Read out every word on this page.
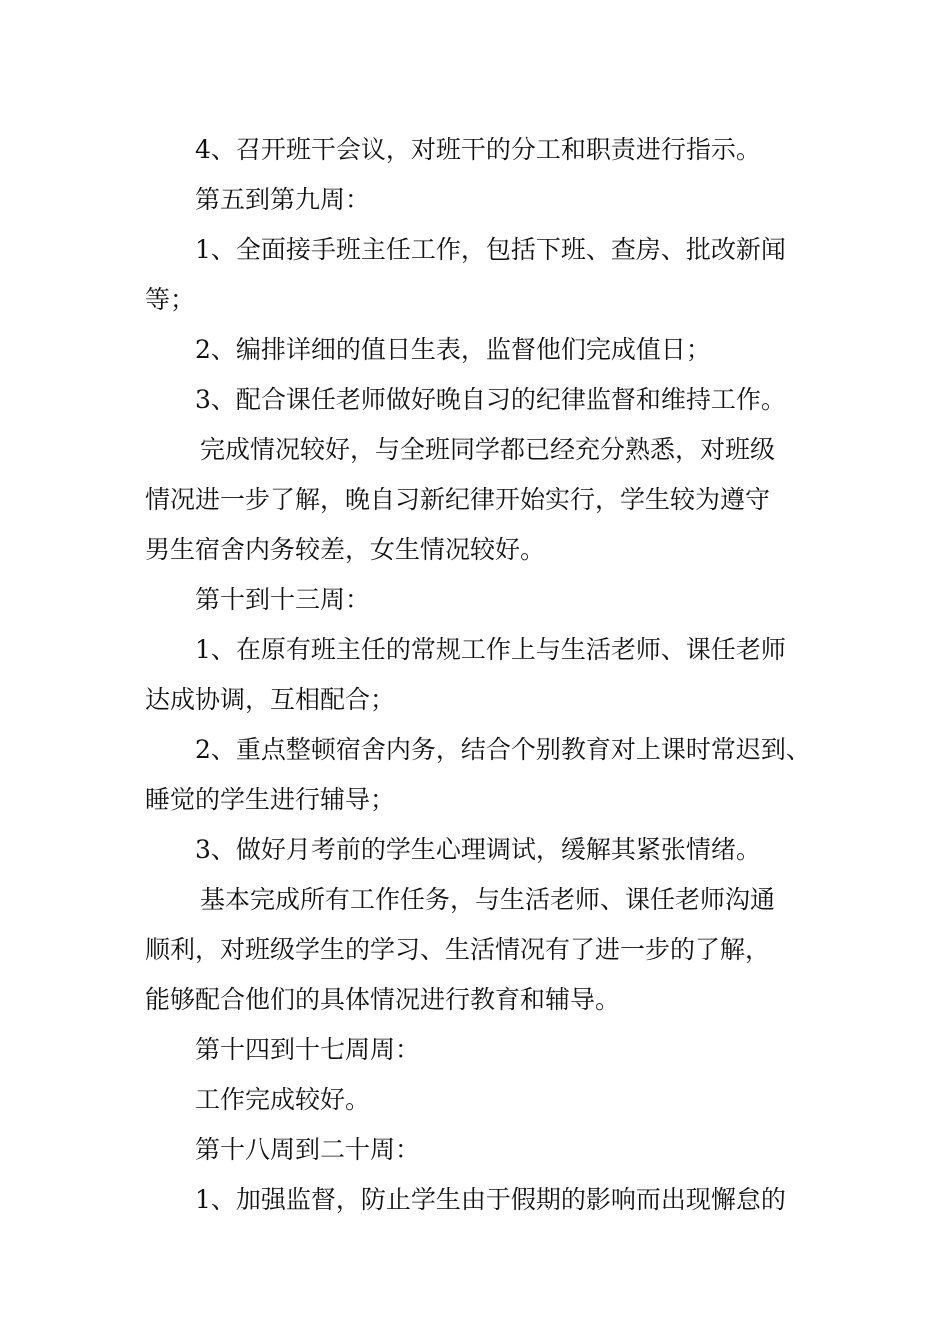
4、召开班干会议，对班干的分工和职责进行指示。
第五到第九周：
1、全面接手班主任工作，包括下班、查房、批改新闻
等；
2、编排详细的值日生表，监督他们完成值日；
3、配合课任老师做好晚自习的纪律监督和维持工作。
完成情况较好，与全班同学都已经充分熟悉，对班级
情况进一步了解，晚自习新纪律开始实行，学生较为遵守
男生宿舍内务较差，女生情况较好。
第十到十三周：
1、在原有班主任的常规工作上与生活老师、课任老师
达成协调，互相配合；
2、重点整顿宿舍内务，结合个别教育对上课时常迟到、
睡觉的学生进行辅导；
3、做好月考前的学生心理调试，缓解其紧张情绪。
基本完成所有工作任务，与生活老师、课任老师沟通
顺利，对班级学生的学习、生活情况有了进一步的了解，
能够配合他们的具体情况进行教育和辅导。
第十四到十七周周：
工作完成较好。
第十八周到二十周：
1、加强监督，防止学生由于假期的影响而出现懈怠的
